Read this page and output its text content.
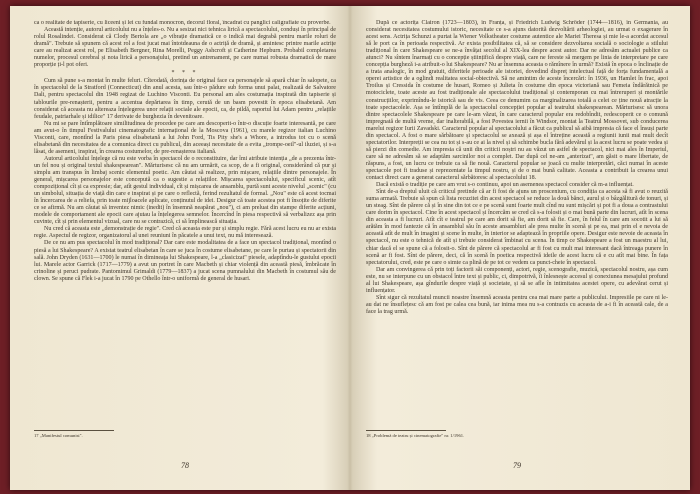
ca o realitate de tapiserie, cu liceeni și lei cu fundal monocron, decorul floral, încadrat cu panglici caligrafiate cu proverbe.

Această intenție, autorul articolului nu a înțeles-o. Nu a sesizat nici tehnica lirică a spectacolului, conduși în principal de rolul Rosalindei. Considerat că Clody Bertola are „o vibrație dramatică ce o indică mai degrabă pentru marile roluri de dramă". Trebuie să spunem că acest rol a fost jucat mai întotdeauna de o actriță de dramă, și amintesc printre marile actrițe care au realizat acest rol, pe Elisabeth Bergner, Rina Morelli, Peggy Ashcroft și Catherine Hepburn. Probabil completarea numelor, procesul cerebral și nota lirică a personajului, pretind un antrenament, pe care numai robusta dramatică de mare proporție ți-l pot oferi.

* * *

Cum să pune s-a montat în multe feluri. Cîteodată, dorința de original face ca personajele să apară chiar în salopete, ca în spectacolul de la Stratford (Connecticut) din anul acesta, sau într-o pădure sub forma unui palat, realizată de Salvatore Dali, pentru spectacolul din 1948 regizat de Luchino Visconti. Eu personal am ales costumația inspirată din tapiserie și tablourile pre-renașterii, pentru a accentua depărtarea în timp, cerută de un basm povestit în epoca elisabetană. Am considerat că aceasta nu altereaza înțelegerea unor relații sociale ale epocii, ca, de pildă, raportul lui Adam pentru „relațiile feudale, patriarhale și idilice" 17 derivate de burghezia în devenitoare.

Nu mi se pare întîmplătoare similitudinea de procedee pe care am descoperit-o într-o discuție foarte interesantă, pe care am avut-o în timpul Festivalului cinematografic internațional de la Moscova (1961), cu marele regizor italian Luchino Visconti, care, montînd la Paris piesa elisabetană a lui John Ford, Tis Pity she's a Whore, a introdus tot cu o scenă elisabetană din necesitatea de a comunica direct cu publicul, din aceeași necesitate de a evita „trompe-oeil"-ul iluziei, și s-a lăsat, de asemeni, inspirat, în crearea costumelor, de pre-renașterea italiană.

Autorul articolului înțelege că nu este vorba în spectacol de o reconstituire, dar îmi atribuie intenția „de a prezenta într-un fel nou și original textul shakespearean". Mărturisesc că nu am urmărit, ca scop, de a fi original, considerând că pur și simplu am transpus în limbaj scenic elementul poetic. Am căutat să realizez, prin mișcare, relațiile dintre personajele. În general, mișcarea personajelor este concepută ca o sugestie a relațiilor. Mișcarea spectacolului, specificul scenic, atît compozițional cît și ca expresie; dar, atît gestul individual, cît și mișcarea de ansamblu, purtă sunt aceste nivelul „scenic" (cu un simbolul, situația de viață din care e inspirat și pe care o reflectă, ferind rezultatul de formal. „Nou" este că acest tocmai în încercarea de a reliefa, prin toate mijloacele aplicate, conținutul de idei. Desigur că toate acestea pot fi însoțite de diferite ce se afirmă. Nu am căutat să inventez nimic (inedit) în însemnă neapărat „nou"), ci am preluat din stampe diferite acțiuni, modele de comportament ale epocii care ajutau la înțelegerea semnelor. Încercînd în piesa respectivă să verbalizez așa prin cuvinte, cît și prin elementul vizual, care nu se contrazică, ci să împlinească situația.

Nu cred că aceasta este „demonstrație de regie". Cred că aceasta este pur și simplu regie. Fără acest lucru eu nu ar exista regie. Aspectul de regizor, organizatorul al unei reuniuni în păcatele a unui text, nu mă interesează.

De ce nu am pus spectacolul în mod tradițional? Dar care este modalitatea de a face un spectacol tradițional, montînd o piesă a lui Shakespeare? A existat teatrul elisabetan în care se juca în costume elisabetane, pe care le purtau și spectatorii din sală. John Dryden (1631—1700) le numai în dimineața lui Shakespeare, l-a „clasicizat" piesele, adaptîndu-le gustului epocii lui. Marele actor Garrick (1717—1779) a avut un portret în care Macbeth și chiar violență din această piesă, îmbrăcate în crinoline și peruci pudrate. Pantomimul Grimaldi (1779—1837) a jucat scena pumnalului din Macbeth în costumul său de clown. Se spune că Flek i-a jucat în 1790 pe Othello într-o uniformă de general de husari.

17 „Manifestul comunist".
78

După ce actorița Clairon (1723—1803), în Franța, și Friedrich Ludwig Schröder (1744—1816), în Germania, au considerat necesitatea costumului istoric, necesitate ce s-a ajuns datorită dezvoltării arheologiei, au urmat o exagerare în acest sens. Actrița Schunzi a purtat la Wiener Volkstheater costume autentice ale Mariei Theresa și mie le-a acordat accesul să le port ca în perioada respectivă. Ar exista posibilitatea că, să se considere dezvoltarea socială o sociologie a stilului tradițional în care Shakespeare se ne-a învățat secolul al XIX-lea despre acest autor. Dar ne adresăm actualei publice ca atunci? Nu sîntem înarmați cu o concepție științifică despre viață, care ne fereste să mergem pe linia de interpretare pe care concepția burgheză i-a atribuit-o lui Shakespeare? Nu ar însemna aceasta o rămînere în urmă? Există în epoca o înclinație de a trata analogic, în mod gratuit, diferitele perioade ale istoriei, dovedind dispreț intelectual față de forța fundamentală a operei artistice de a oglindi realitatea social-obiectivă. Să ne amintim de aceste încercări: în 1936, un Hamlet în frac, apoi Troilus și Cressida în costume de husari, Romeo și Julieta în costume din epoca victoriană sau Femeia îndărătnică pe motociclete, toate aceste au fost tradiționale ale spectacolului tradițional și contemporan cu mai întreruperi și montările construcțiilor, exprimîndu-le istorică sau de vis. Ceea ce denumim ca marginalizarea totală a celei ce ține nouă atracție la toate spectacolele. Așa se întîmplă de la spectacolul concepției popular al teatrului shakespearean. Mărturisesc să unora dintre spectacolele Shakespeare pe care le-am văzut, în care caracterul popular era redobîndit, redescoperit ce o comună impregnată de multă vreme, dar inalterabilă, a fost Povestea iernii în Windsor, montat la Teatrul Mossovet, sub conducerea marelui regizor Iurii Zavadski. Caracterul popular al spectacolului a făcut ca publicul să aibă impresia că face el însuși parte din spectacol. A fost o mare sărbătoare și spectacolul se axează și așa el întreține această a regiunii iunii mai mult decît spectatorilor. Interpreții se cea nu tot și s-au ce ai la nivel și să schimbe bucla fără adevărul și la acest lucru se poate vedea și să pierzi din comedie. Am impresia că unii din criticii noștri nu au văzut un astfel de spectacol, nici mai ales în Imperiul, care să ne adresăm să se adaptăm sarcinilor noi a complet. Dar după cel ne-am „anterizat", am găsit o mare libertate, de răspuns, a fost, un lucru ce trebuie ca să fie nouă. Caracterul popular se joacă cu multe interpretări, căci numai în aceste spectacole pot fi traduse și reprezentate la timpul nostru, și de o mai bună calitate. Aceasta a contribuit la crearea unui contact direct care a generat caracterul sărbătoresc al spectacolului 18.

Dacă există o tradiție pe care am vrut s-o continuu, apoi un asemenea spectacol consider că m-a influențat.

Sînt de-a dreptul uluit că criticul pretinde că ar fi fost de ajuns un proscenium, cu condiția ca acesta să fi avut o reuzită suma armată. Trebuie să spun că lista recuzitei din acest spectacol se reduce la două bănci, aurul și o bâzgălitură de tonuri, și un steag. Sînt de părere că și în sine din tot ce e pe scenă sunt foarte mult cînd nu sunt mișcări și pot fi a doua a contrastului care dorim în spectacol. Cine în acest spectacol și încercăm se cred că s-a folosit și o mai bună parte din lucruri, atît în scena din aceasta a fi lucruri. Atît cît e teatrul pe care am dorit să fie, am dorit să fie. Care, în felul în care am socotit a lui să arătăm în mod fantezie că în ansamblul său în aceste ansambluri ale prea multe în scenă și pe ea, mai prin el e nevoia de această atît de mult în imagini și scene în multe, în interior se adaptează în propriile opere. Desigur este nevoie de aceasta în spectacol, nu este o tehnică de atît și trebuie considerat îmbinat cu scena. În timp ce Shakespeare a fost un maestru al lui, chiar dacă el se spune că a folosit-o. Sînt de părere că spectacolul ar fi fost cu mult mai interesant dacă întreaga punere în scenă ar fi fost. Sînt de părere, deci, că în scenă în poetica respectivă ideile de acest lucru că e cu atît mai bine. În fața spectatorului, cred, este pe care o simte ca plină de pe tot ce vedem ca punct-cheie în spectacol.

Dar am convingerea că prin toți factorii săi componenți, actori, regie, scenografie, muzică, spectacolul nostru, așa cum este, nu se interpune cu un obstacol între text și public, ci, dimpotrivă, îi înlesnește accesul și conexiunea mesajului profund al lui Shakespeare, așa gîndurile despre viață și societate, și să se afle în intimitatea acestei opere, cu adevărat cerut și influențator.

Sînt sigur că rezultatul muncii noastre însemnă aceasta pentru cea mai mare parte a publicului. Impresiile pe care ni le-au dat ne însuflețesc că am fost pe calea cea bună, iar inima mea nu s-a contrazis cu aceasta de a-i fi în această cale, de a face la trag urmă.

18 „Problemă de teatru și cinematografie" nr. 1/1961.
79
